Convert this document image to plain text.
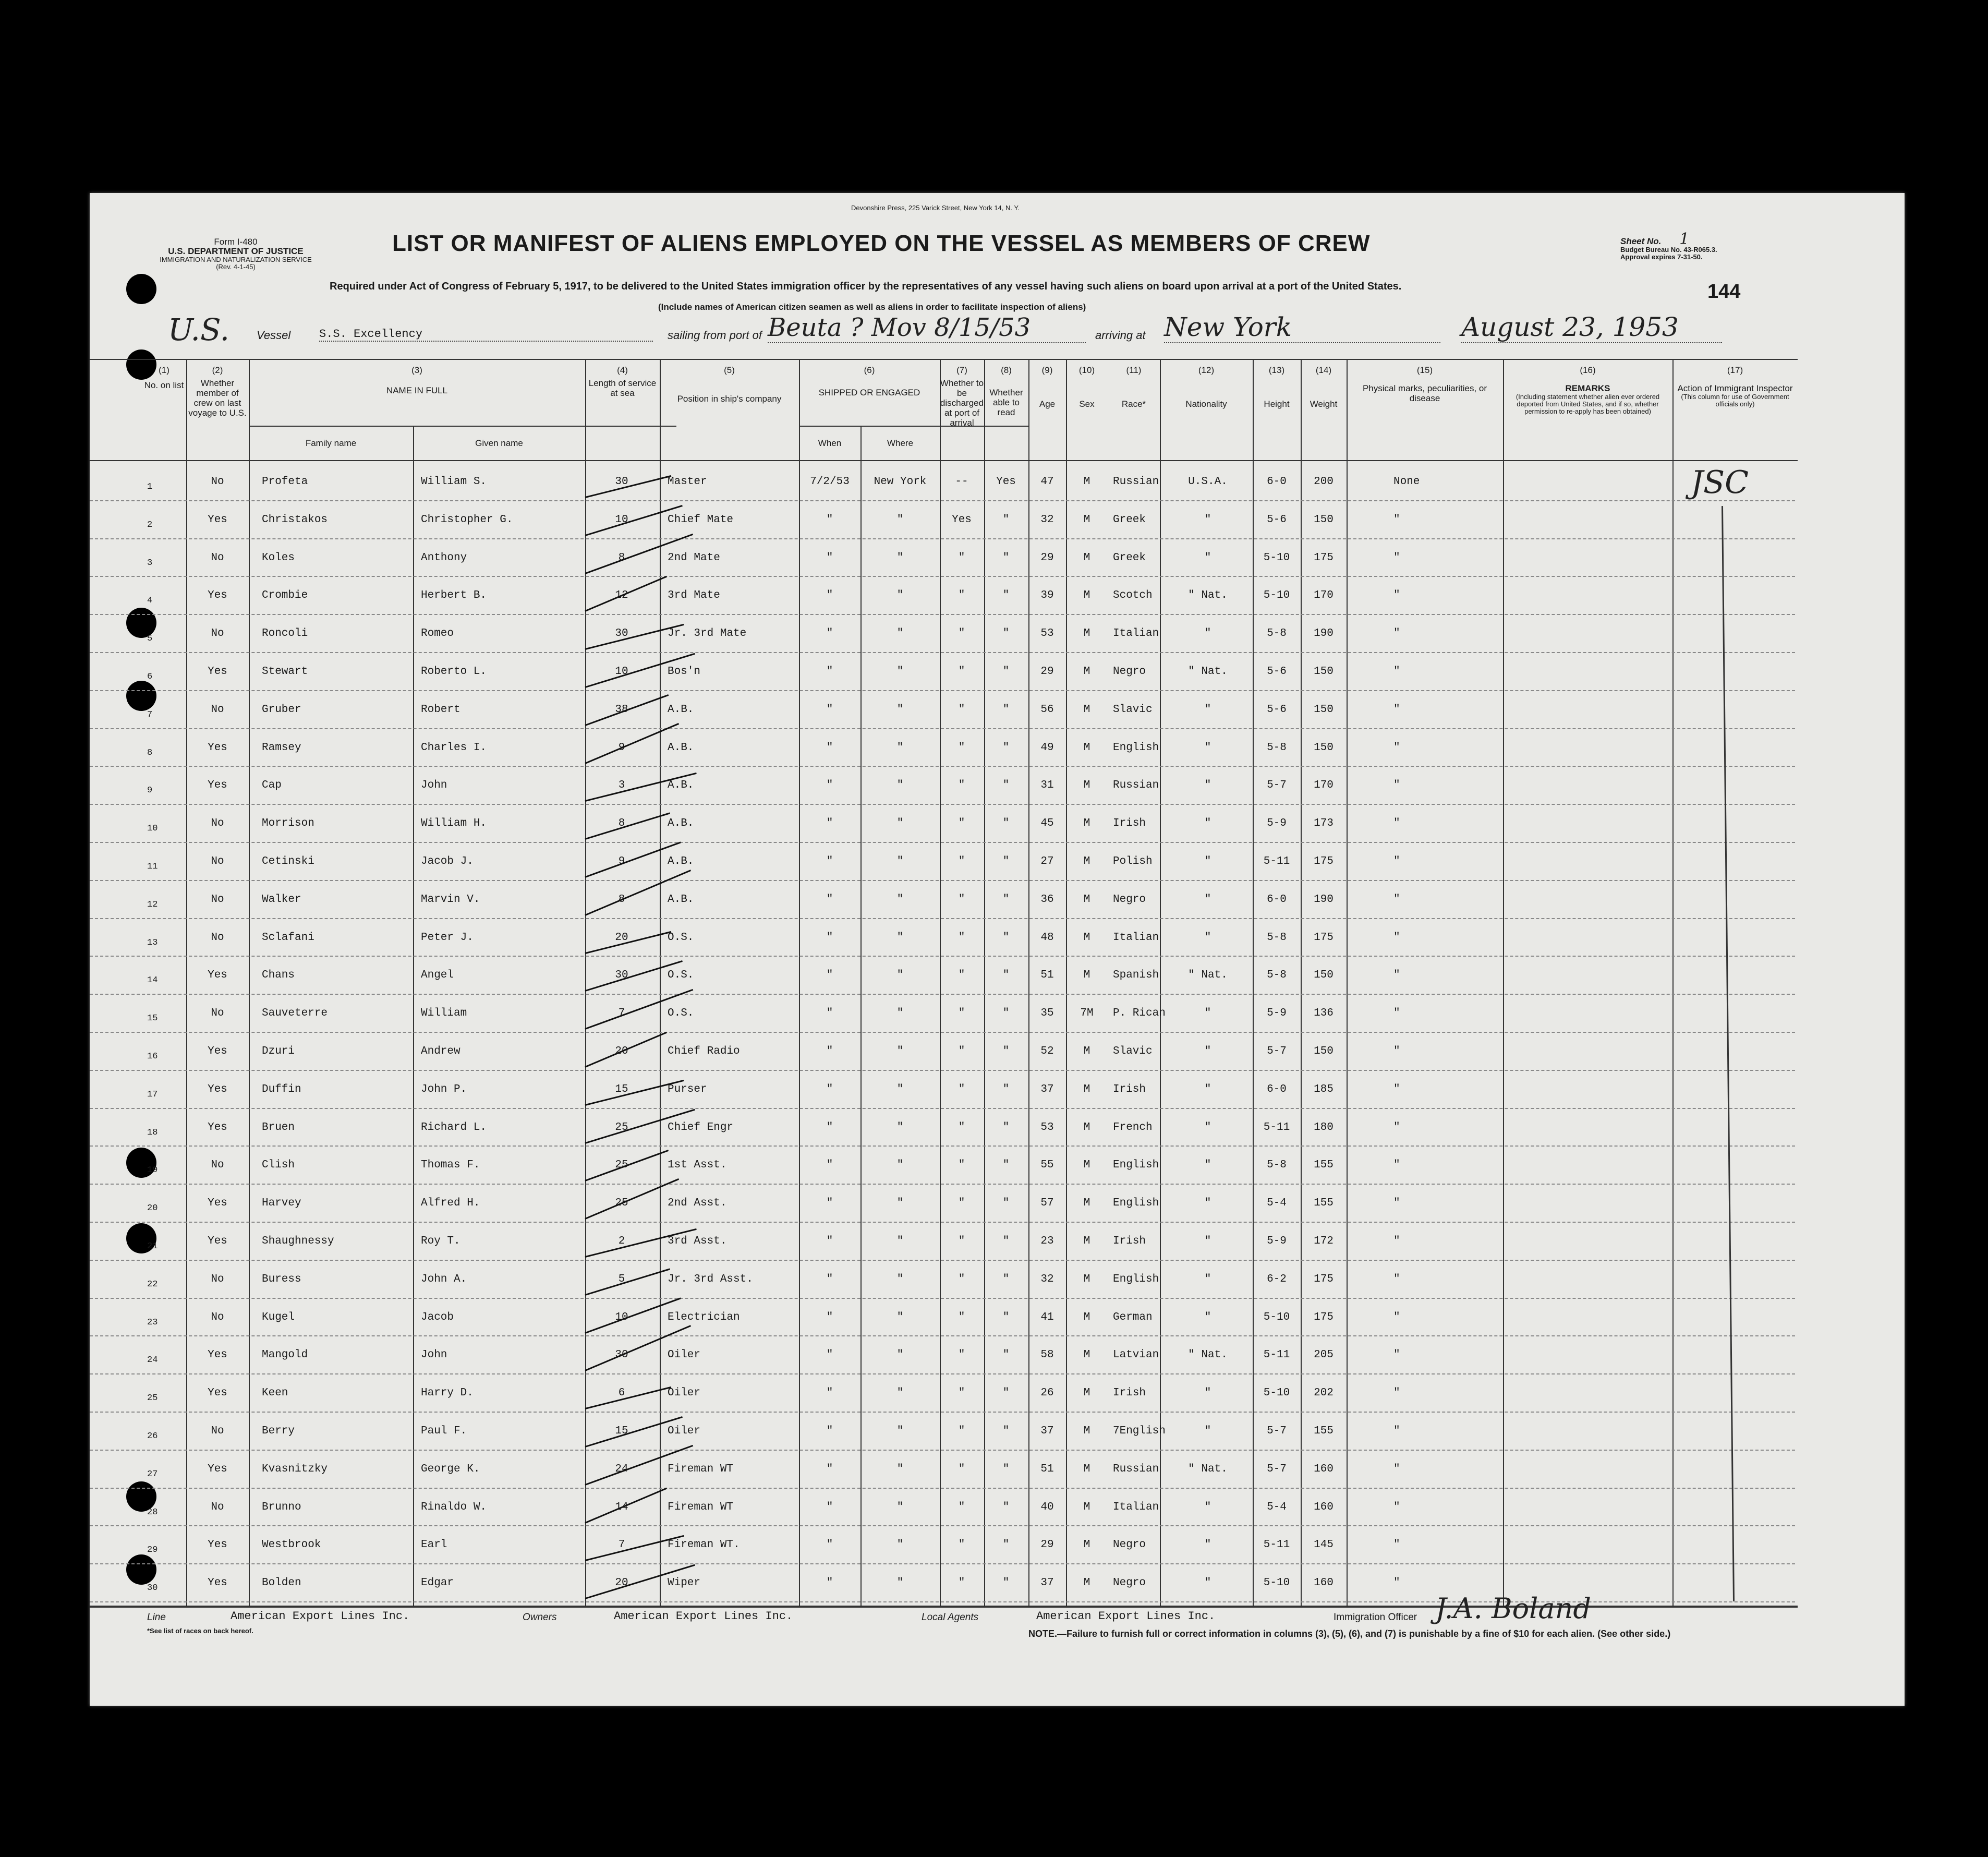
Devonshire Press, 225 Varick Street, New York 14, N. Y.
Form I-480
U.S. DEPARTMENT OF JUSTICE
IMMIGRATION AND NATURALIZATION SERVICE
(Rev. 4-1-45)
LIST OR MANIFEST OF ALIENS EMPLOYED ON THE VESSEL AS MEMBERS OF CREW	Sheet No. 1
Budget Bureau No. 43-R065.3.
Approval expires 7-31-50.
Required under Act of Congress of February 5, 1917, to be delivered to the United States immigration officer by the representatives of any vessel having such aliens on board upon arrival at a port of the United States.
(Include names of American citizen seamen as well as aliens in order to facilitate inspection of aliens)
144
U.S. Vessel S.S. Excellency	sailing from port of Beuta ? Mov 8/15/53	arriving at New York	August 23, 1953
(1)
No. on list
(2)
Whether member of crew on last voyage to U.S.
(3)
NAME IN FULL
Family name	Given name
(4)
Length of service at sea
(5)
Position in ship's company
(6)
SHIPPED OR ENGAGED
When	Where
(7)
Whether to be discharged at port of arrival
(8)
Whether able to read
(9)
Age
(10)
Sex
(11)
Race*
(12)
Nationality
(13)
Height
(14)
Weight
(15)
Physical marks, peculiarities, or disease
(16)
REMARKS
(Including statement whether alien ever ordered deported from United States, and if so, whether permission to re-apply has been obtained)
(17)
Action of Immigrant Inspector
(This column for use of Government officials only)
1	No	Profeta	William S.	30	Master	7/2/53	New York	--	Yes	47	M	Russian	U.S.A.	6-0	200	None
2	Yes	Christakos	Christopher G.	10	Chief Mate	"	"	Yes	"	32	M	Greek	"	5-6	150	"
3	No	Koles	Anthony	8	2nd Mate	"	"	"	"	29	M	Greek	"	5-10	175	"
4	Yes	Crombie	Herbert B.	12	3rd Mate	"	"	"	"	39	M	Scotch	" Nat.	5-10	170	"
5	No	Roncoli	Romeo	30	Jr. 3rd Mate	"	"	"	"	53	M	Italian	"	5-8	190	"
6	Yes	Stewart	Roberto L.	10	Bos'n	"	"	"	"	29	M	Negro	" Nat.	5-6	150	"
7	No	Gruber	Robert	38	A.B.	"	"	"	"	56	M	Slavic	"	5-6	150	"
8	Yes	Ramsey	Charles I.	9	A.B.	"	"	"	"	49	M	English	"	5-8	150	"
9	Yes	Cap	John	3	A.B.	"	"	"	"	31	M	Russian	"	5-7	170	"
10	No	Morrison	William H.	8	A.B.	"	"	"	"	45	M	Irish	"	5-9	173	"
11	No	Cetinski	Jacob J.	9	A.B.	"	"	"	"	27	M	Polish	"	5-11	175	"
12	No	Walker	Marvin V.	8	A.B.	"	"	"	"	36	M	Negro	"	6-0	190	"
13	No	Sclafani	Peter J.	20	O.S.	"	"	"	"	48	M	Italian	"	5-8	175	"
14	Yes	Chans	Angel	30	O.S.	"	"	"	"	51	M	Spanish	" Nat.	5-8	150	"
15	No	Sauveterre	William	7	O.S.	"	"	"	"	35	7M	P. Rican	"	5-9	136	"
16	Yes	Dzuri	Andrew	20	Chief Radio	"	"	"	"	52	M	Slavic	"	5-7	150	"
17	Yes	Duffin	John P.	15	Purser	"	"	"	"	37	M	Irish	"	6-0	185	"
18	Yes	Bruen	Richard L.	25	Chief Engr	"	"	"	"	53	M	French	"	5-11	180	"
19	No	Clish	Thomas F.	25	1st Asst.	"	"	"	"	55	M	English	"	5-8	155	"
20	Yes	Harvey	Alfred H.	25	2nd Asst.	"	"	"	"	57	M	English	"	5-4	155	"
21	Yes	Shaughnessy	Roy T.	2	3rd Asst.	"	"	"	"	23	M	Irish	"	5-9	172	"
22	No	Buress	John A.	5	Jr. 3rd Asst.	"	"	"	"	32	M	English	"	6-2	175	"
23	No	Kugel	Jacob	10	Electrician	"	"	"	"	41	M	German	"	5-10	175	"
24	Yes	Mangold	John	30	Oiler	"	"	"	"	58	M	Latvian	" Nat.	5-11	205	"
25	Yes	Keen	Harry D.	6	Oiler	"	"	"	"	26	M	Irish	"	5-10	202	"
26	No	Berry	Paul F.	15	Oiler	"	"	"	"	37	M	7English	"	5-7	155	"
27	Yes	Kvasnitzky	George K.	24	Fireman WT	"	"	"	"	51	M	Russian	" Nat.	5-7	160	"
28	No	Brunno	Rinaldo W.	14	Fireman WT	"	"	"	"	40	M	Italian	"	5-4	160	"
29	Yes	Westbrook	Earl	7	Fireman WT.	"	"	"	"	29	M	Negro	"	5-11	145	"
30	Yes	Bolden	Edgar	20	Wiper	"	"	"	"	37	M	Negro	"	5-10	160	"
JSC
Line	American Export Lines Inc.	Owners	American Export Lines Inc.	Local Agents	American Export Lines Inc.	Immigration Officer J.A. Boland
*See list of races on back hereof.	NOTE.—Failure to furnish full or correct information in columns (3), (5), (6), and (7) is punishable by a fine of $10 for each alien. (See other side.)
